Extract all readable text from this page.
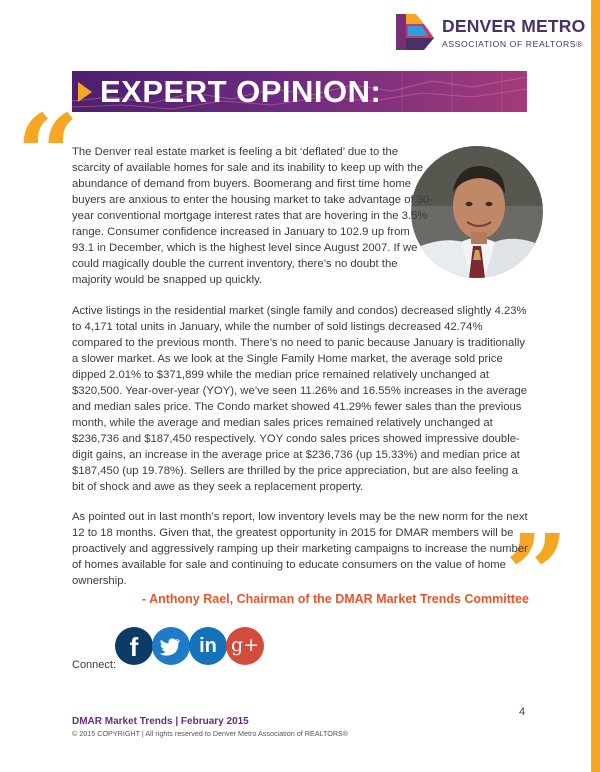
DENVER METRO
ASSOCIATION OF REALTORS®
EXPERT OPINION:
“
”

The Denver real estate market is feeling a bit ‘deflated’ due to the scarcity of available homes for sale and its inability to keep up with the abundance of demand from buyers. Boomerang and first time home buyers are anxious to enter the housing market to take advantage of 30-year conventional mortgage interest rates that are hovering in the 3.5% range. Consumer confidence increased in January to 102.9 up from 93.1 in December, which is the highest level since August 2007. If we could magically double the current inventory, there’s no doubt the majority would be snapped up quickly.

Active listings in the residential market (single family and condos) decreased slightly 4.23% to 4,171 total units in January, while the number of sold listings decreased 42.74% compared to the previous month. There’s no need to panic because January is traditionally a slower market. As we look at the Single Family Home market, the average sold price dipped 2.01% to $371,899 while the median price remained relatively unchanged at $320,500. Year-over-year (YOY), we’ve seen 11.26% and 16.55% increases in the average and median sales price. The Condo market showed 41.29% fewer sales than the previous month, while the average and median sales prices remained relatively unchanged at $236,736 and $187,450 respectively. YOY condo sales prices showed impressive double-digit gains, an increase in the average price at $236,736 (up 15.33%) and median price at $187,450 (up 19.78%). Sellers are thrilled by the price appreciation, but are also feeling a bit of shock and awe as they seek a replacement property.

As pointed out in last month’s report, low inventory levels may be the new norm for the next 12 to 18 months. Given that, the greatest opportunity in 2015 for DMAR members will be proactively and aggressively ramping up their marketing campaigns to increase the number of homes available for sale and continuing to educate consumers on the value of home ownership.

- Anthony Rael, Chairman of the DMAR Market Trends Committee
Connect:
f	in g+
4
DMAR Market Trends | February 2015
© 2015 COPYRIGHT | All rights reserved to Denver Metro Association of REALTORS®
